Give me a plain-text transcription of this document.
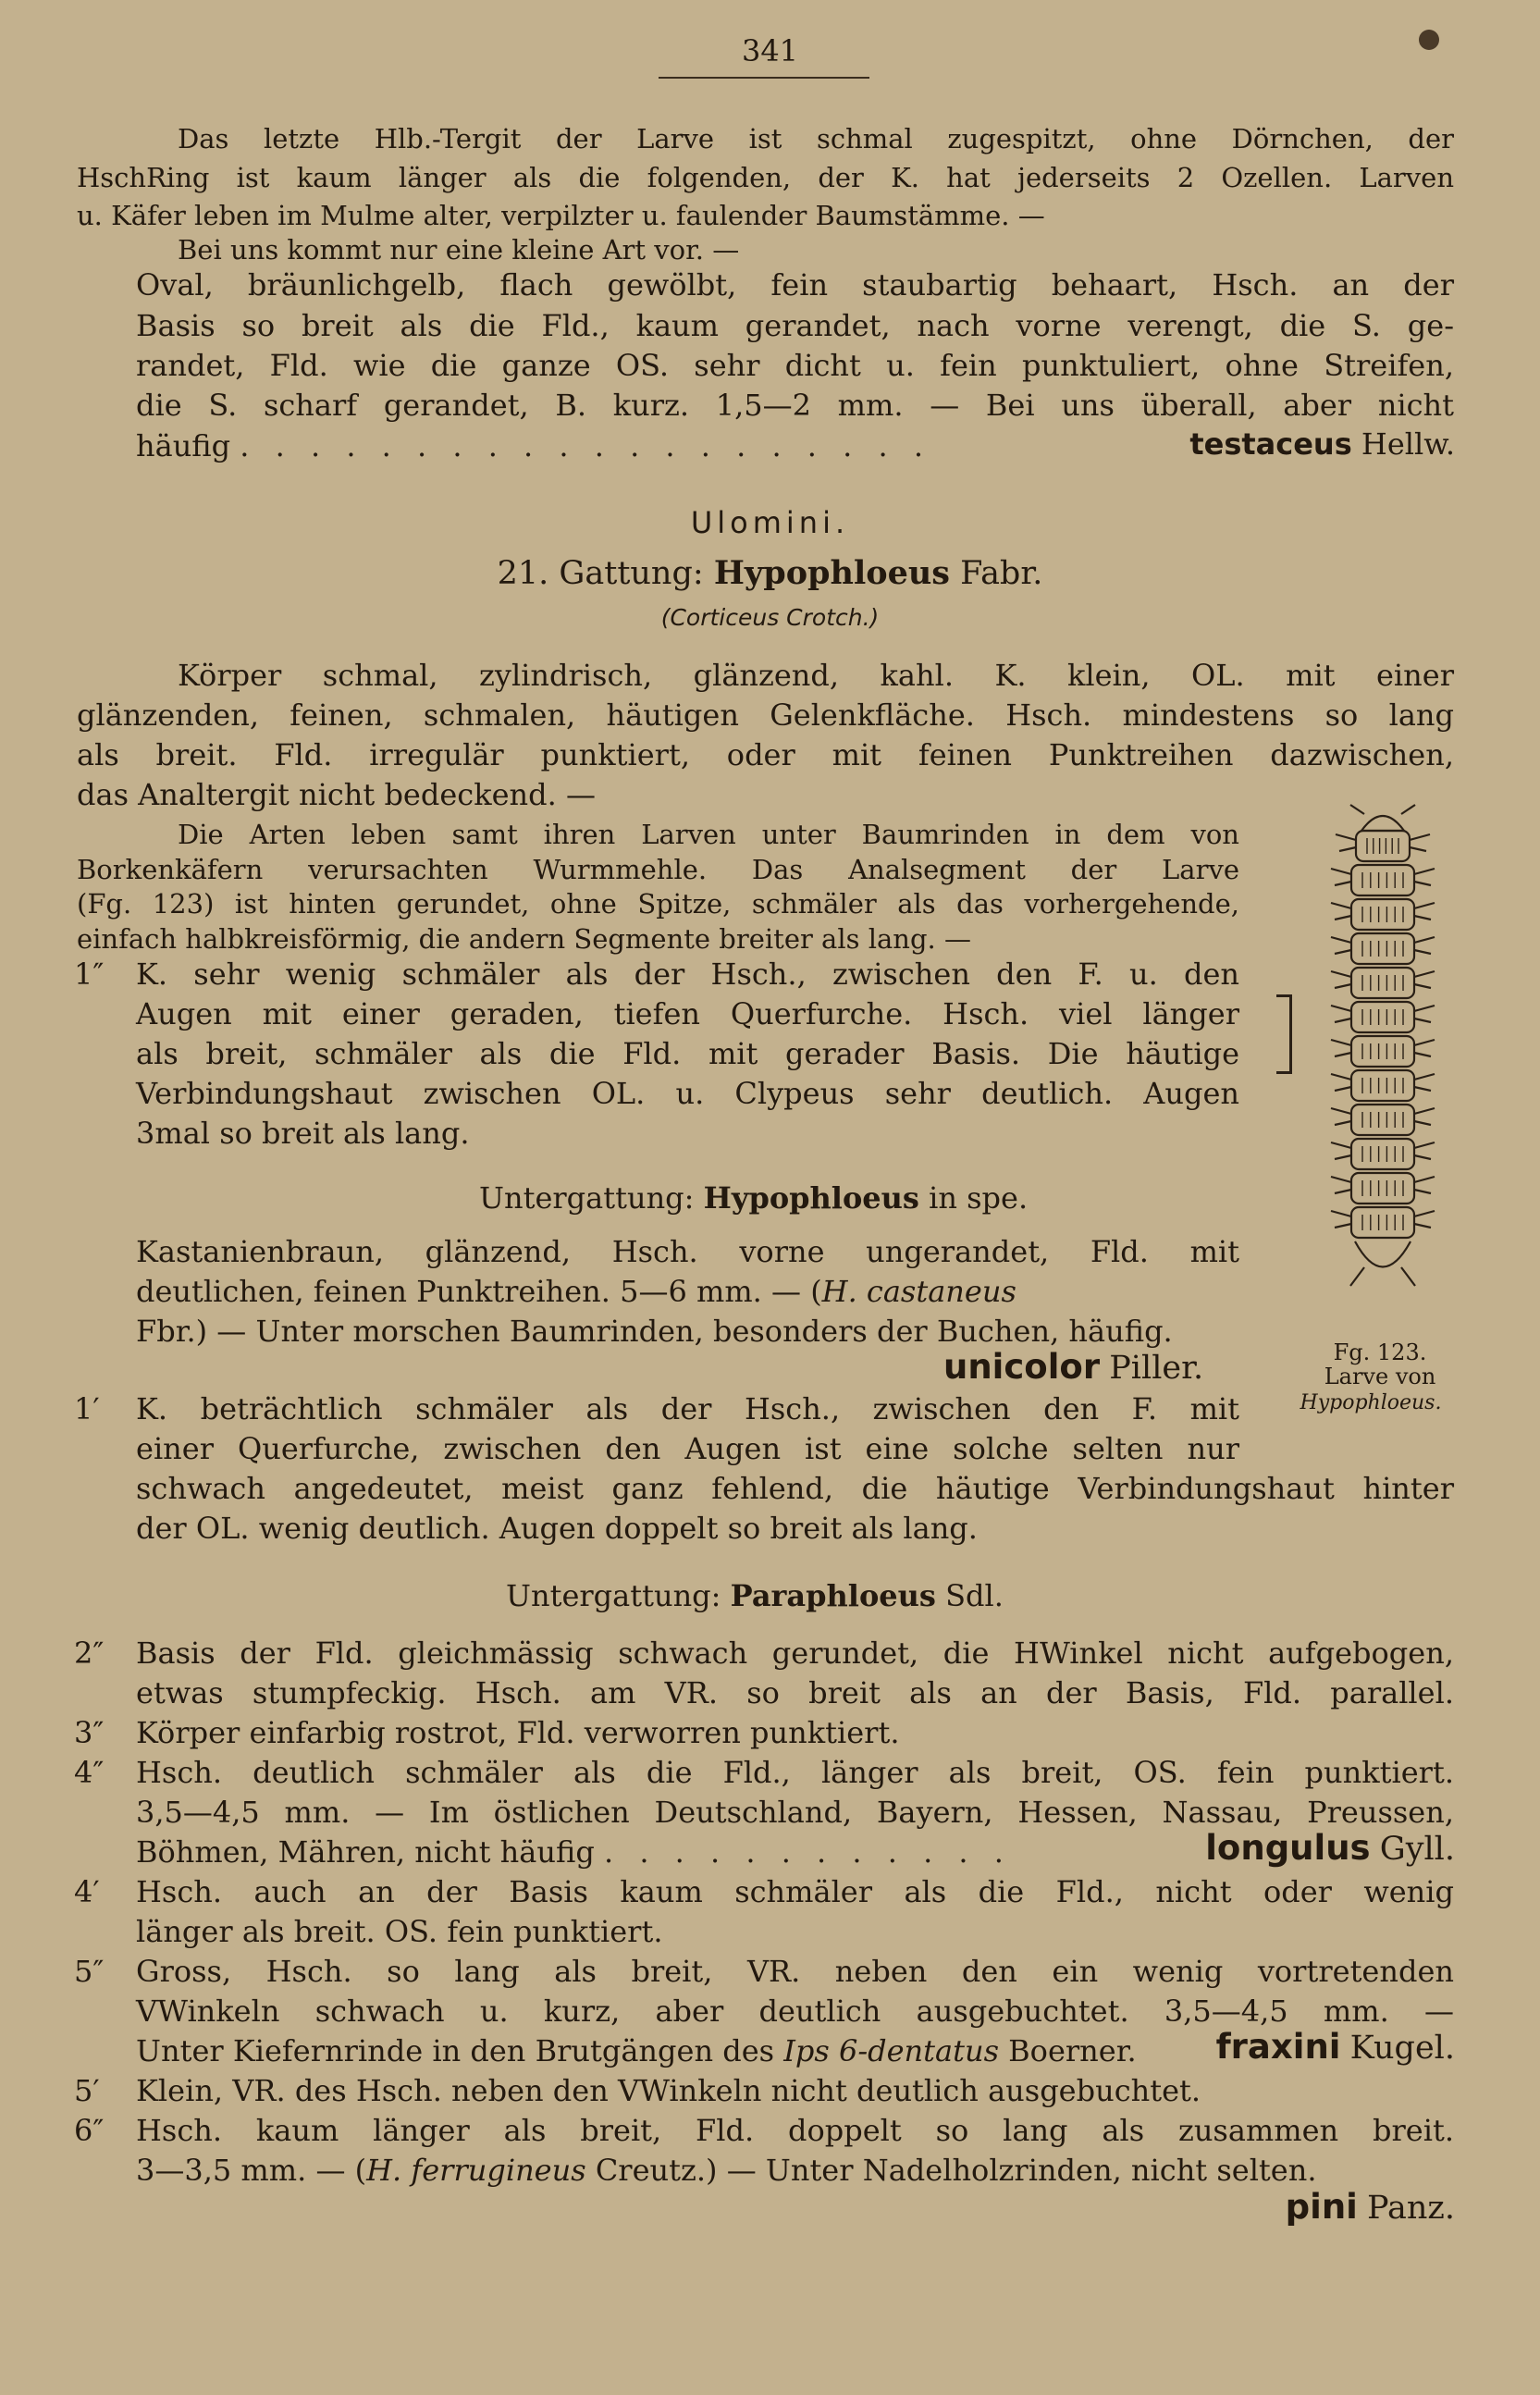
341
Das letzte Hlb.-Tergit der Larve ist schmal zugespitzt, ohne Dörnchen, der
HschRing ist kaum länger als die folgenden, der K. hat jederseits 2 Ozellen. Larven
u. Käfer leben im Mulme alter, verpilzter u. faulender Baumstämme. —
Bei uns kommt nur eine kleine Art vor. —
Oval, bräunlichgelb, flach gewölbt, fein staubartig behaart, Hsch. an der
Basis so breit als die Fld., kaum gerandet, nach vorne verengt, die S. ge-
randet, Fld. wie die ganze OS. sehr dicht u. fein punktuliert, ohne Streifen,
die S. scharf gerandet, B. kurz. 1,5—2 mm. — Bei uns überall, aber nicht
häufig . . . . . . . . . . . . . . . . . . . .	testaceus Hellw.
Ulomini.
21. Gattung: Hypophloeus Fabr.
(Corticeus Crotch.)
Körper schmal, zylindrisch, glänzend, kahl. K. klein, OL. mit einer
glänzenden, feinen, schmalen, häutigen Gelenkfläche. Hsch. mindestens so lang
als breit. Fld. irregulär punktiert, oder mit feinen Punktreihen dazwischen,
das Analtergit nicht bedeckend. —
Die Arten leben samt ihren Larven unter Baumrinden in dem von
Borkenkäfern verursachten Wurmmehle. Das Analsegment der Larve
(Fg. 123) ist hinten gerundet, ohne Spitze, schmäler als das vorhergehende,
einfach halbkreisförmig, die andern Segmente breiter als lang. —
1″ K. sehr wenig schmäler als der Hsch., zwischen den F. u. den
Augen mit einer geraden, tiefen Querfurche. Hsch. viel länger
als breit, schmäler als die Fld. mit gerader Basis. Die häutige
Verbindungshaut zwischen OL. u. Clypeus sehr deutlich. Augen
3mal so breit als lang.
Untergattung: Hypophloeus in spe.
Kastanienbraun, glänzend, Hsch. vorne ungerandet, Fld. mit
deutlichen, feinen Punktreihen. 5—6 mm. — (H. castaneus
Fbr.) — Unter morschen Baumrinden, besonders der Buchen, häufig.
unicolor Piller.	Fg. 123.
Larve von
Hypophloeus.
1′ K. beträchtlich schmäler als der Hsch., zwischen den F. mit
einer Querfurche, zwischen den Augen ist eine solche selten nur
schwach angedeutet, meist ganz fehlend, die häutige Verbindungshaut hinter
der OL. wenig deutlich. Augen doppelt so breit als lang.
Untergattung: Paraphloeus Sdl.
2″ Basis der Fld. gleichmässig schwach gerundet, die HWinkel nicht aufgebogen,
etwas stumpfeckig. Hsch. am VR. so breit als an der Basis, Fld. parallel.
3″ Körper einfarbig rostrot, Fld. verworren punktiert.
4″ Hsch. deutlich schmäler als die Fld., länger als breit, OS. fein punktiert.
3,5—4,5 mm. — Im östlichen Deutschland, Bayern, Hessen, Nassau, Preussen,
Böhmen, Mähren, nicht häufig . . . . . . . . . . . .	longulus Gyll.
4′ Hsch. auch an der Basis kaum schmäler als die Fld., nicht oder wenig
länger als breit. OS. fein punktiert.
5″ Gross, Hsch. so lang als breit, VR. neben den ein wenig vortretenden
VWinkeln schwach u. kurz, aber deutlich ausgebuchtet. 3,5—4,5 mm. —
Unter Kiefernrinde in den Brutgängen des Ips 6-dentatus Boerner. fraxini Kugel.
5′ Klein, VR. des Hsch. neben den VWinkeln nicht deutlich ausgebuchtet.
6″ Hsch. kaum länger als breit, Fld. doppelt so lang als zusammen breit.
3—3,5 mm. — (H. ferrugineus Creutz.) — Unter Nadelholzrinden, nicht selten.
pini Panz.
